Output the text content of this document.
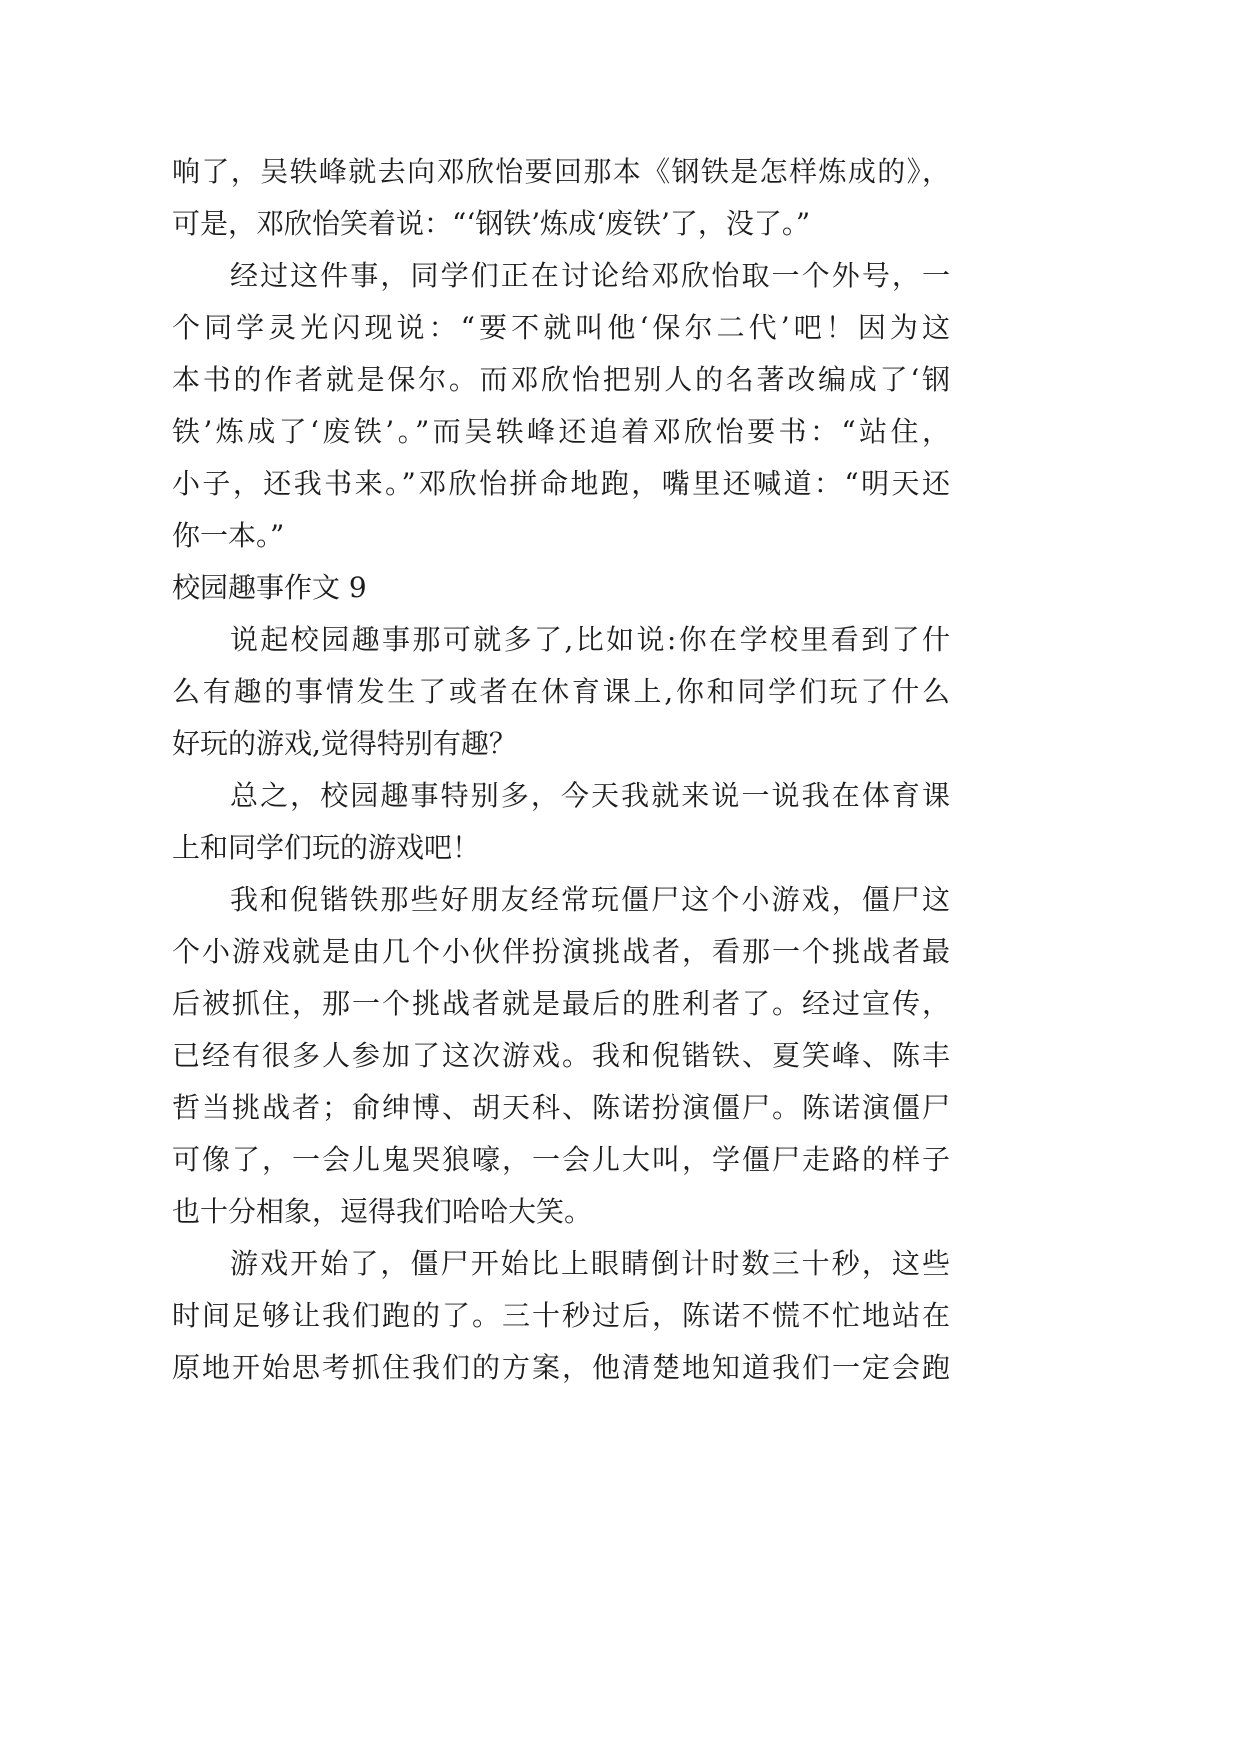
响了，吴轶峰就去向邓欣怡要回那本《钢铁是怎样炼成的》，
可是，邓欣怡笑着说：“‘钢铁’炼成‘废铁’了，没了。”
经过这件事，同学们正在讨论给邓欣怡取一个外号，一
个同学灵光闪现说：“要不就叫他‘保尔二代’吧！因为这
本书的作者就是保尔。而邓欣怡把别人的名著改编成了‘钢
铁’炼成了‘废铁’。”而吴轶峰还追着邓欣怡要书：“站住，
小子，还我书来。”邓欣怡拼命地跑，嘴里还喊道：“明天还
你一本。”
校园趣事作文 9
说起校园趣事那可就多了,比如说:你在学校里看到了什
么有趣的事情发生了或者在休育课上,你和同学们玩了什么
好玩的游戏,觉得特别有趣？
总之，校园趣事特别多，今天我就来说一说我在体育课
上和同学们玩的游戏吧！
我和倪锴铁那些好朋友经常玩僵尸这个小游戏，僵尸这
个小游戏就是由几个小伙伴扮演挑战者，看那一个挑战者最
后被抓住，那一个挑战者就是最后的胜利者了。经过宣传，
已经有很多人参加了这次游戏。我和倪锴铁、夏笑峰、陈丰
哲当挑战者；俞绅博、胡天科、陈诺扮演僵尸。陈诺演僵尸
可像了，一会儿鬼哭狼嚎，一会儿大叫，学僵尸走路的样子
也十分相象，逗得我们哈哈大笑。
游戏开始了，僵尸开始比上眼睛倒计时数三十秒，这些
时间足够让我们跑的了。三十秒过后，陈诺不慌不忙地站在
原地开始思考抓住我们的方案，他清楚地知道我们一定会跑
